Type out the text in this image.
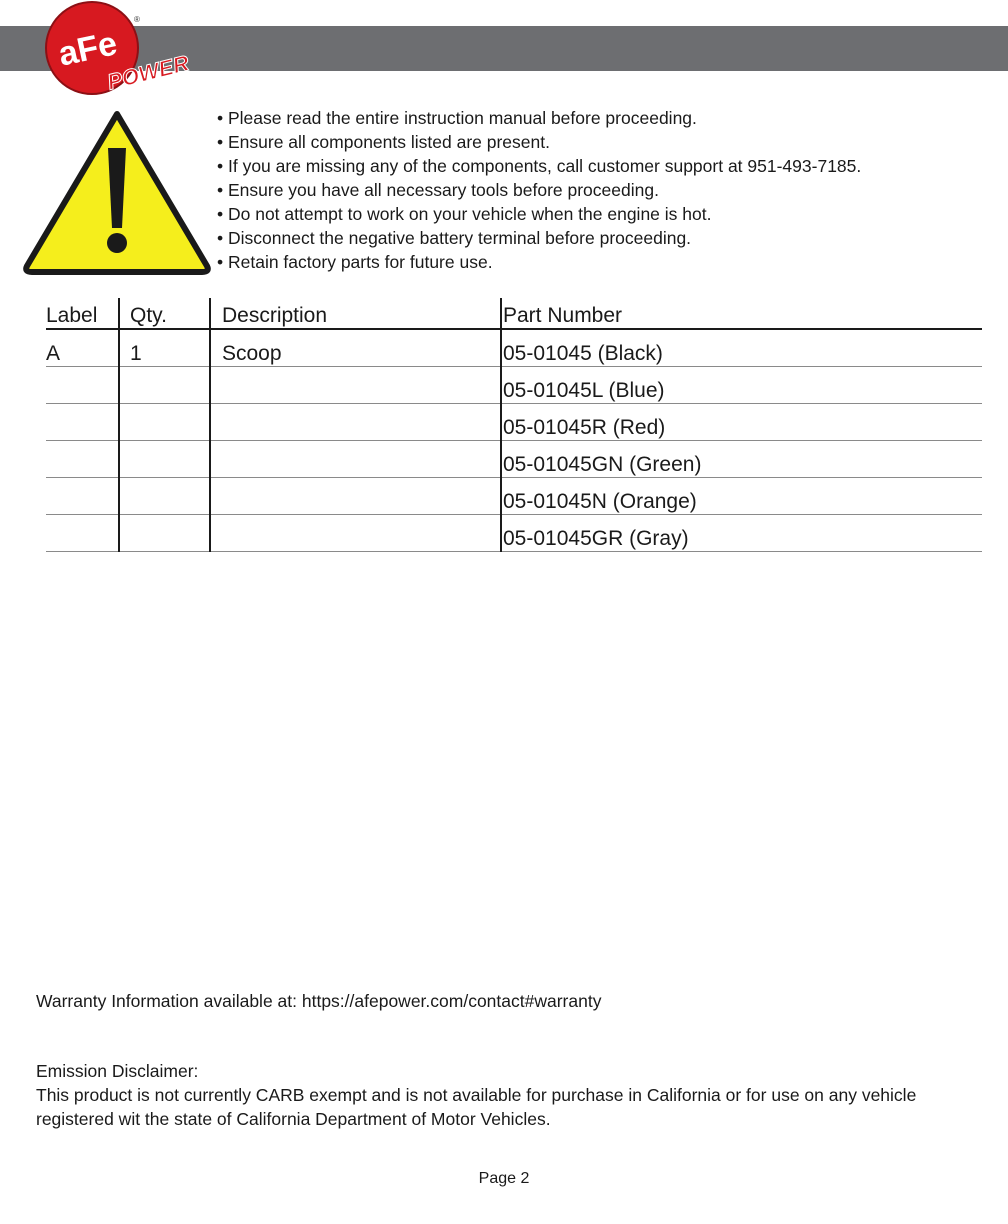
aFe
POWER
®
• Please read the entire instruction manual before proceeding.
• Ensure all components listed are present.
• If you are missing any of the components, call customer support at 951-493-7185.
• Ensure you have all necessary tools before proceeding.
• Do not attempt to work on your vehicle when the engine is hot.
• Disconnect the negative battery terminal before proceeding.
• Retain factory parts for future use.
Label	Qty.	Description	Part Number
A	1	Scoop	05-01045 (Black)
			05-01045L (Blue)
			05-01045R (Red)
			05-01045GN (Green)
			05-01045N (Orange)
			05-01045GR (Gray)
Warranty Information available at: https://afepower.com/contact#warranty
Emission Disclaimer:
This product is not currently CARB exempt and is not available for purchase in California or for use on any vehicle registered wit the state of California Department of Motor Vehicles.
Page 2
